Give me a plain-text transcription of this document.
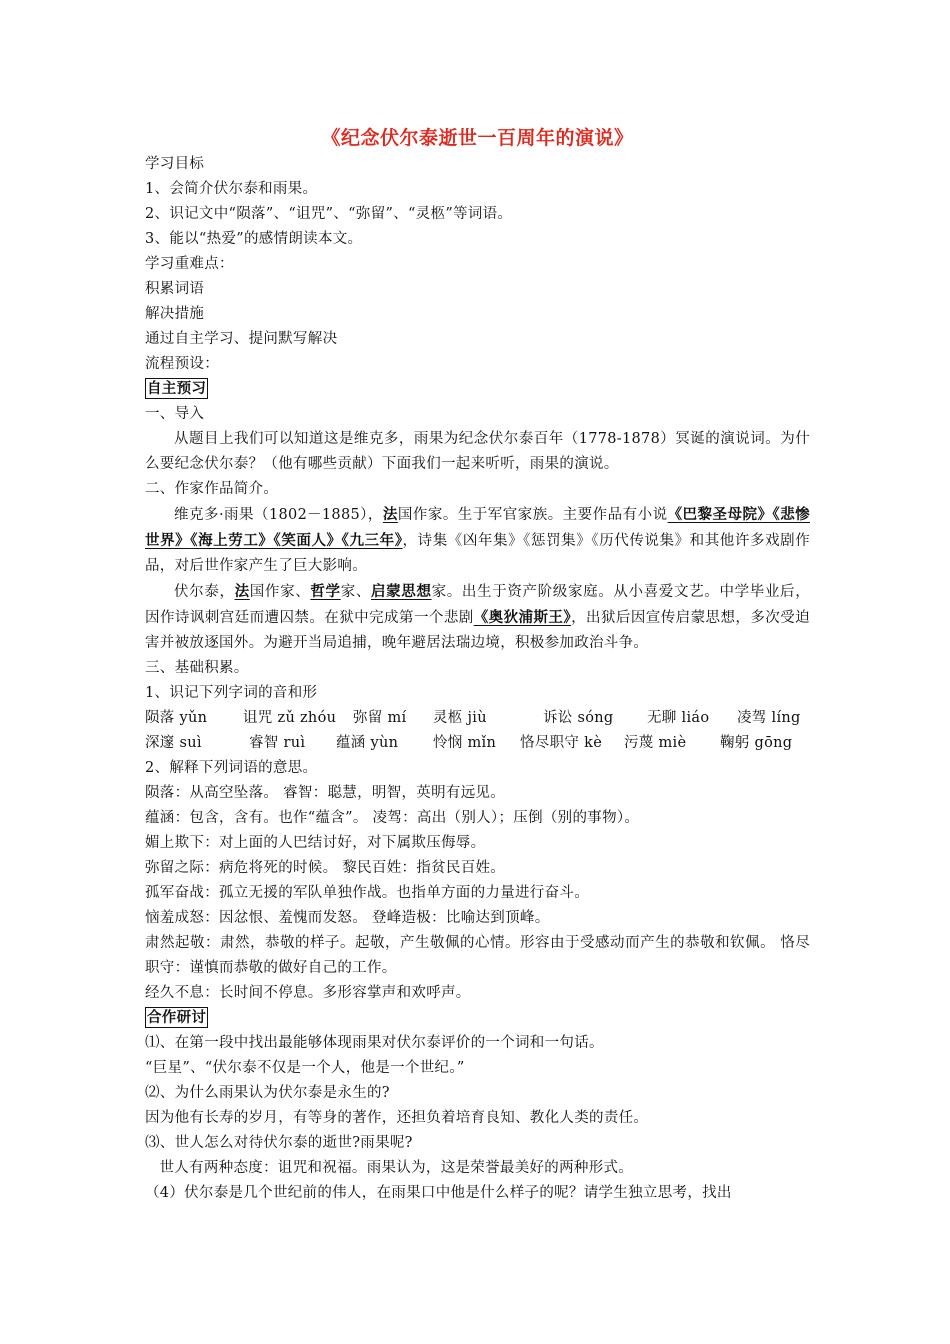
《纪念伏尔泰逝世一百周年的演说》
学习目标
1、会简介伏尔泰和雨果。
2、识记文中“陨落”、“诅咒”、“弥留”、“灵柩”等词语。
3、能以“热爱”的感情朗读本文。
学习重难点：
积累词语
解决措施
通过自主学习、提问默写解决
流程预设：
自主预习
一、导入
从题目上我们可以知道这是维克多，雨果为纪念伏尔泰百年（1778-1878）冥诞的演说词。为什么要纪念伏尔泰？（他有哪些贡献）下面我们一起来听听，雨果的演说。
二、作家作品简介。
维克多·雨果（1802－1885），法国作家。生于军官家族。主要作品有小说《巴黎圣母院》《悲惨世界》《海上劳工》《笑面人》《九三年》，诗集《凶年集》《惩罚集》《历代传说集》和其他许多戏剧作品，对后世作家产生了巨大影响。
伏尔泰，法国作家、哲学家、启蒙思想家。出生于资产阶级家庭。从小喜爱文艺。中学毕业后，因作诗讽刺宫廷而遭囚禁。在狱中完成第一个悲剧《奥狄浦斯王》，出狱后因宣传启蒙思想，多次受迫害并被放逐国外。为避开当局追捕，晚年避居法瑞边境，积极参加政治斗争。
三、基础积累。
1、识记下列字词的音和形
陨落 yǔn 诅咒 zǔ zhóu 弥留 mí 灵柩 jiù	诉讼 sóng 无聊 liáo 凌驾 líng
深邃 suì	睿智 ruì 蕴涵 yùn 怜悯 mǐn 恪尽职守 kè 污蔑 miè 鞠躬 gōng
2、解释下列词语的意思。
陨落：从高空坠落。 睿智：聪慧，明智，英明有远见。
蕴涵：包含，含有。也作“蕴含”。 凌驾：高出（别人）；压倒（别的事物）。
媚上欺下：对上面的人巴结讨好，对下属欺压侮辱。
弥留之际：病危将死的时候。 黎民百姓：指贫民百姓。
孤军奋战：孤立无援的军队单独作战。也指单方面的力量进行奋斗。
恼羞成怒：因忿恨、羞愧而发怒。 登峰造极：比喻达到顶峰。
肃然起敬：肃然，恭敬的样子。起敬，产生敬佩的心情。形容由于受感动而产生的恭敬和钦佩。 恪尽职守：谨慎而恭敬的做好自己的工作。
经久不息：长时间不停息。多形容掌声和欢呼声。
合作研讨
⑴、在第一段中找出最能够体现雨果对伏尔泰评价的一个词和一句话。
“巨星”、“伏尔泰不仅是一个人，他是一个世纪。”
⑵、为什么雨果认为伏尔泰是永生的?
因为他有长寿的岁月，有等身的著作，还担负着培育良知、教化人类的责任。
⑶、世人怎么对待伏尔泰的逝世?雨果呢?
世人有两种态度：诅咒和祝福。雨果认为，这是荣誉最美好的两种形式。
（4）伏尔泰是几个世纪前的伟人，在雨果口中他是什么样子的呢？请学生独立思考，找出
